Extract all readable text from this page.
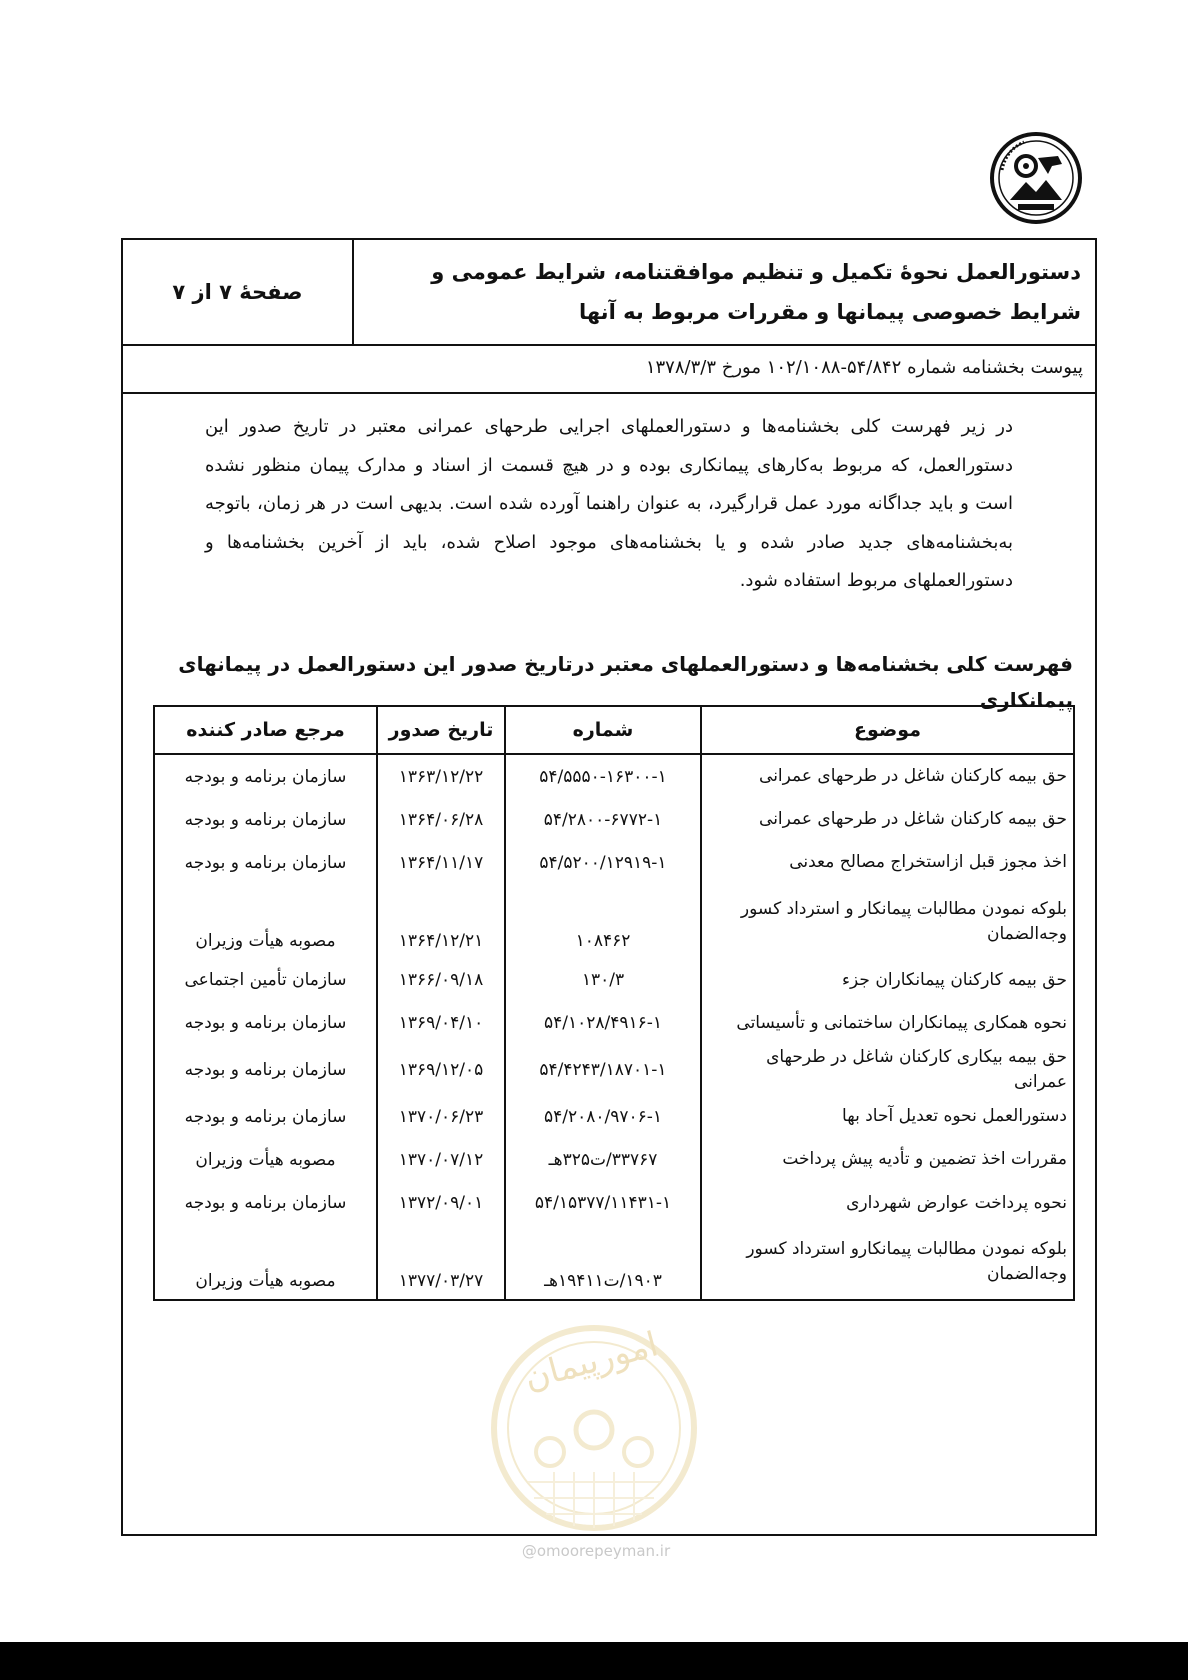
دستورالعمل نحوهٔ تکمیل و تنظیم موافقتنامه، شرایط عمومی و شرایط خصوصی پیمانها و مقررات مربوط به آنها
صفحهٔ ۷ از ۷
پیوست بخشنامه شماره ۵۴/۸۴۲-۱۰۲/۱۰۸۸ مورخ ۱۳۷۸/۳/۳
در زیر فهرست کلی بخشنامه‌ها و دستورالعملهای اجرایی طرحهای عمرانی معتبر در تاریخ صدور این دستورالعمل، که مربوط به‌کارهای پیمانکاری بوده و در هیچ قسمت از اسناد و مدارک پیمان منظور نشده است و باید جداگانه مورد عمل قرارگیرد، به عنوان راهنما آورده شده است. بدیهی است در هر زمان، باتوجه به‌بخشنامه‌های جدید صادر شده و یا بخشنامه‌های موجود اصلاح شده، باید از آخرین بخشنامه‌ها و دستورالعملهای مربوط استفاده شود.
فهرست کلی بخشنامه‌ها و دستورالعملهای معتبر درتاریخ صدور این دستورالعمل در پیمانهای پیمانکاری
موضوع	شماره	تاریخ صدور	مرجع صادر کننده
حق بیمه کارکنان شاغل در طرحهای عمرانی	۵۴/۵۵۵۰-۱۶۳۰۰-۱	۱۳۶۳/۱۲/۲۲	سازمان برنامه و بودجه
حق بیمه کارکنان شاغل در طرحهای عمرانی	۵۴/۲۸۰۰-۶۷۷۲-۱	۱۳۶۴/۰۶/۲۸	سازمان برنامه و بودجه
اخذ مجوز قبل ازاستخراج مصالح معدنی	۵۴/۵۲۰۰/۱۲۹۱۹-۱	۱۳۶۴/۱۱/۱۷	سازمان برنامه و بودجه
بلوکه نمودن مطالبات پیمانکار و استرداد کسور وجه‌الضمان	۱۰۸۴۶۲	۱۳۶۴/۱۲/۲۱	مصوبه هیأت وزیران
حق بیمه کارکنان پیمانکاران جزء	۱۳۰/۳	۱۳۶۶/۰۹/۱۸	سازمان تأمین اجتماعی
نحوه همکاری پیمانکاران ساختمانی و تأسیساتی	۵۴/۱۰۲۸/۴۹۱۶-۱	۱۳۶۹/۰۴/۱۰	سازمان برنامه و بودجه
حق بیمه بیکاری کارکنان شاغل در طرحهای عمرانی	۵۴/۴۲۴۳/۱۸۷۰۱-۱	۱۳۶۹/۱۲/۰۵	سازمان برنامه و بودجه
دستورالعمل نحوه تعدیل آحاد بها	۵۴/۲۰۸۰/۹۷۰۶-۱	۱۳۷۰/۰۶/۲۳	سازمان برنامه و بودجه
مقررات اخذ تضمین و تأدیه پیش پرداخت	۳۳۷۶۷/ت۳۲۵هـ	۱۳۷۰/۰۷/۱۲	مصوبه هیأت وزیران
نحوه پرداخت عوارض شهرداری	۵۴/۱۵۳۷۷/۱۱۴۳۱-۱	۱۳۷۲/۰۹/۰۱	سازمان برنامه و بودجه
بلوکه نمودن مطالبات پیمانکارو استرداد کسور وجه‌الضمان	۱۹۰۳/ت۱۹۴۱۱هـ	۱۳۷۷/۰۳/۲۷	مصوبه هیأت وزیران
امورپیمان
@omoorepeyman.ir
